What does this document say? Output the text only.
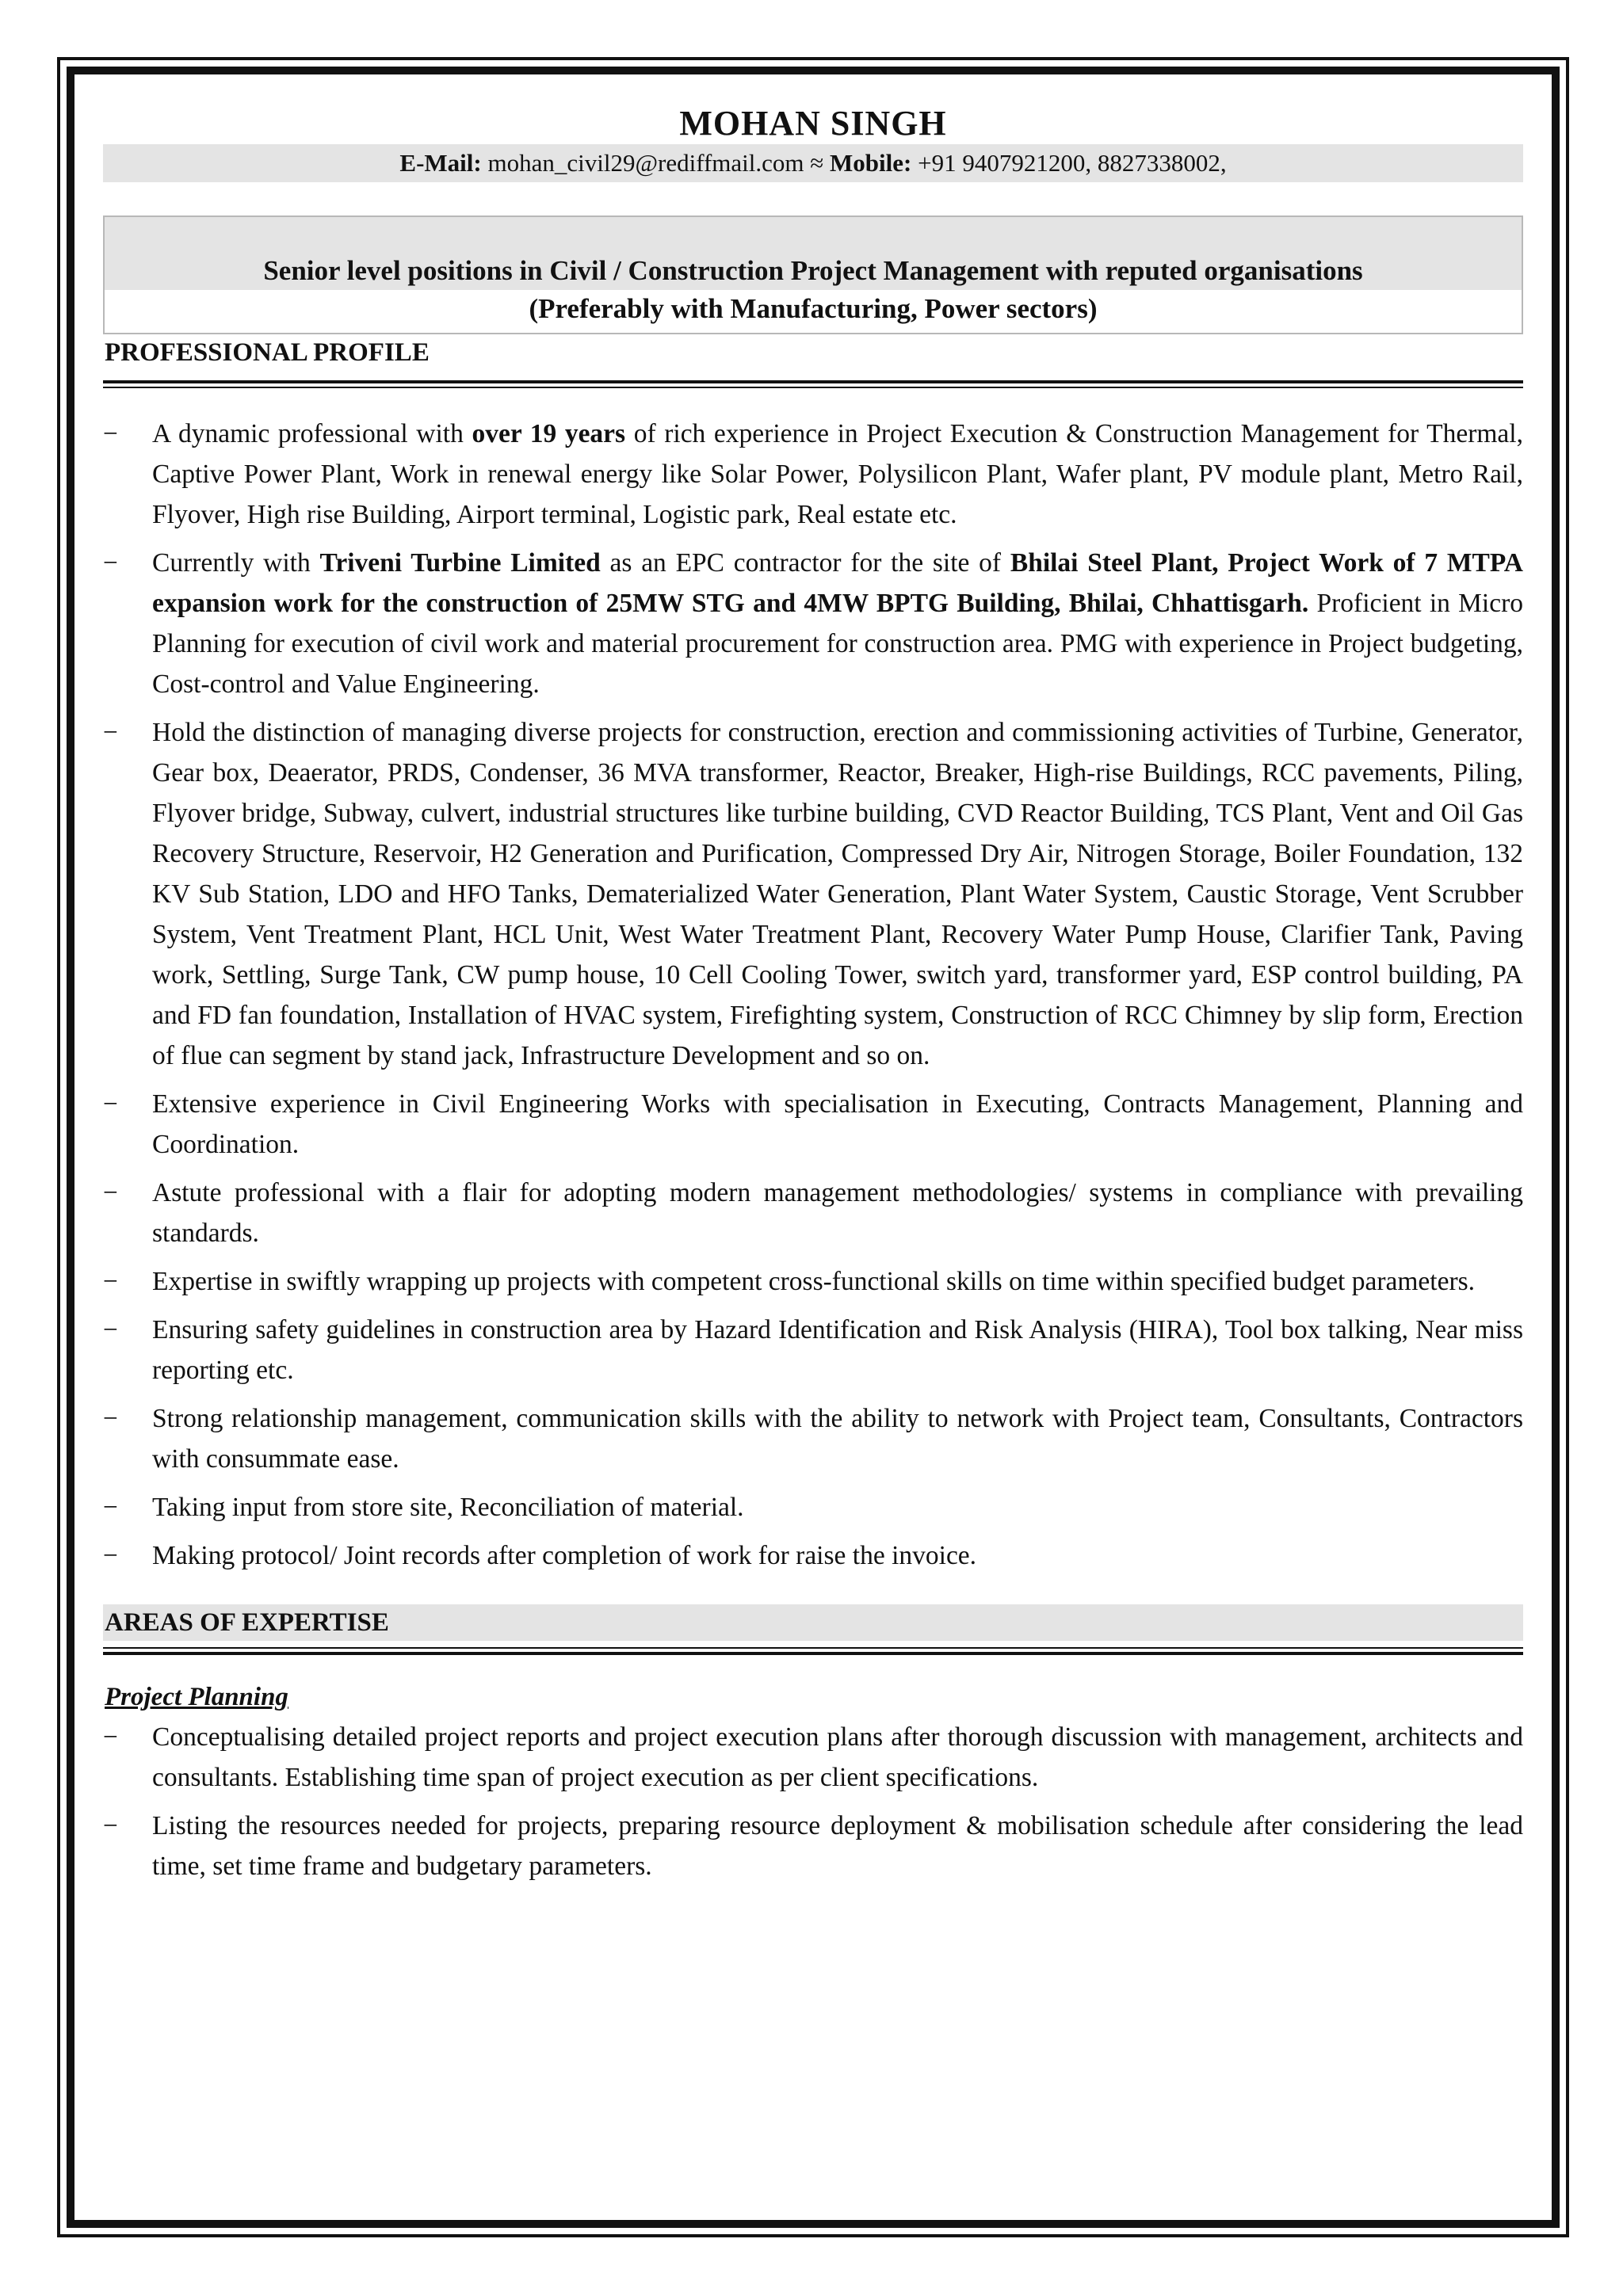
MOHAN SINGH
E-Mail: mohan_civil29@rediffmail.com ≈ Mobile: +91 9407921200, 8827338002,
Senior level positions in Civil / Construction Project Management with reputed organisations
(Preferably with Manufacturing, Power sectors)
PROFESSIONAL PROFILE
−	A dynamic professional with over 19 years of rich experience in Project Execution & Construction Management for Thermal, Captive Power Plant, Work in renewal energy like Solar Power, Polysilicon Plant, Wafer plant, PV module plant, Metro Rail, Flyover, High rise Building, Airport terminal, Logistic park, Real estate etc.
−	Currently with Triveni Turbine Limited as an EPC contractor for the site of Bhilai Steel Plant, Project Work of 7 MTPA expansion work for the construction of 25MW STG and 4MW BPTG Building, Bhilai, Chhattisgarh. Proficient in Micro Planning for execution of civil work and material procurement for construction area. PMG with experience in Project budgeting, Cost-control and Value Engineering.
−	Hold the distinction of managing diverse projects for construction, erection and commissioning activities of Turbine, Generator, Gear box, Deaerator, PRDS, Condenser, 36 MVA transformer, Reactor, Breaker, High-rise Buildings, RCC pavements, Piling, Flyover bridge, Subway, culvert, industrial structures like turbine building, CVD Reactor Building, TCS Plant, Vent and Oil Gas Recovery Structure, Reservoir, H2 Generation and Purification, Compressed Dry Air, Nitrogen Storage, Boiler Foundation, 132 KV Sub Station, LDO and HFO Tanks, Dematerialized Water Generation, Plant Water System, Caustic Storage, Vent Scrubber System, Vent Treatment Plant, HCL Unit, West Water Treatment Plant, Recovery Water Pump House, Clarifier Tank, Paving work, Settling, Surge Tank, CW pump house, 10 Cell Cooling Tower, switch yard, transformer yard, ESP control building, PA and FD fan foundation, Installation of HVAC system, Firefighting system, Construction of RCC Chimney by slip form, Erection of flue can segment by stand jack, Infrastructure Development and so on.
−	Extensive experience in Civil Engineering Works with specialisation in Executing, Contracts Management, Planning and Coordination.
−	Astute professional with a flair for adopting modern management methodologies/ systems in compliance with prevailing standards.
−	Expertise in swiftly wrapping up projects with competent cross-functional skills on time within specified budget parameters.
−	Ensuring safety guidelines in construction area by Hazard Identification and Risk Analysis (HIRA), Tool box talking, Near miss reporting etc.
−	Strong relationship management, communication skills with the ability to network with Project team, Consultants, Contractors with consummate ease.
−	Taking input from store site, Reconciliation of material.
−	Making protocol/ Joint records after completion of work for raise the invoice.
AREAS OF EXPERTISE
Project Planning
−	Conceptualising detailed project reports and project execution plans after thorough discussion with management, architects and consultants. Establishing time span of project execution as per client specifications.
−	Listing the resources needed for projects, preparing resource deployment & mobilisation schedule after considering the lead time, set time frame and budgetary parameters.
